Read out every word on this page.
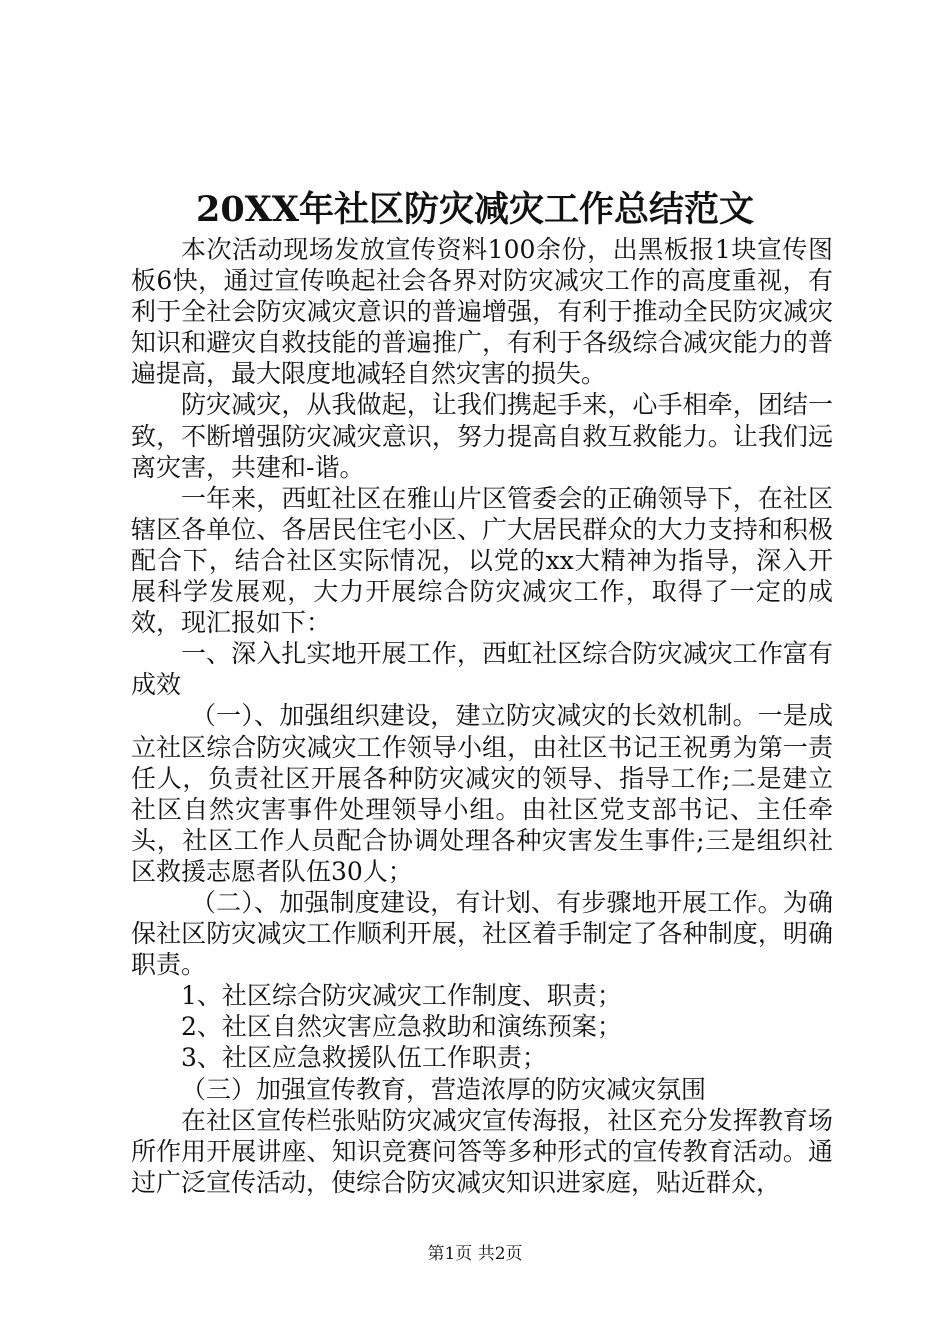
20XX年社区防灾减灾工作总结范文

本次活动现场发放宣传资料100余份，出黑板报1块宣传图板6快，通过宣传唤起社会各界对防灾减灾工作的高度重视，有利于全社会防灾减灾意识的普遍增强，有利于推动全民防灾减灾知识和避灾自救技能的普遍推广，有利于各级综合减灾能力的普遍提高，最大限度地减轻自然灾害的损失。

防灾减灾，从我做起，让我们携起手来，心手相牵，团结一致，不断增强防灾减灾意识，努力提高自救互救能力。让我们远离灾害，共建和-谐。

一年来，西虹社区在雅山片区管委会的正确领导下，在社区辖区各单位、各居民住宅小区、广大居民群众的大力支持和积极配合下，结合社区实际情况，以党的xx大精神为指导，深入开展科学发展观，大力开展综合防灾减灾工作，取得了一定的成效，现汇报如下：

一、深入扎实地开展工作，西虹社区综合防灾减灾工作富有成效

（一）、加强组织建设，建立防灾减灾的长效机制。一是成立社区综合防灾减灾工作领导小组，由社区书记王祝勇为第一责任人，负责社区开展各种防灾减灾的领导、指导工作;二是建立社区自然灾害事件处理领导小组。由社区党支部书记、主任牵头，社区工作人员配合协调处理各种灾害发生事件;三是组织社区救援志愿者队伍30人；

（二）、加强制度建设，有计划、有步骤地开展工作。为确保社区防灾减灾工作顺利开展，社区着手制定了各种制度，明确职责。

1、社区综合防灾减灾工作制度、职责；

2、社区自然灾害应急救助和演练预案；

3、社区应急救援队伍工作职责；

（三）加强宣传教育，营造浓厚的防灾减灾氛围

在社区宣传栏张贴防灾减灾宣传海报，社区充分发挥教育场所作用开展讲座、知识竞赛问答等多种形式的宣传教育活动。通过广泛宣传活动，使综合防灾减灾知识进家庭，贴近群众，

第1页 共2页
